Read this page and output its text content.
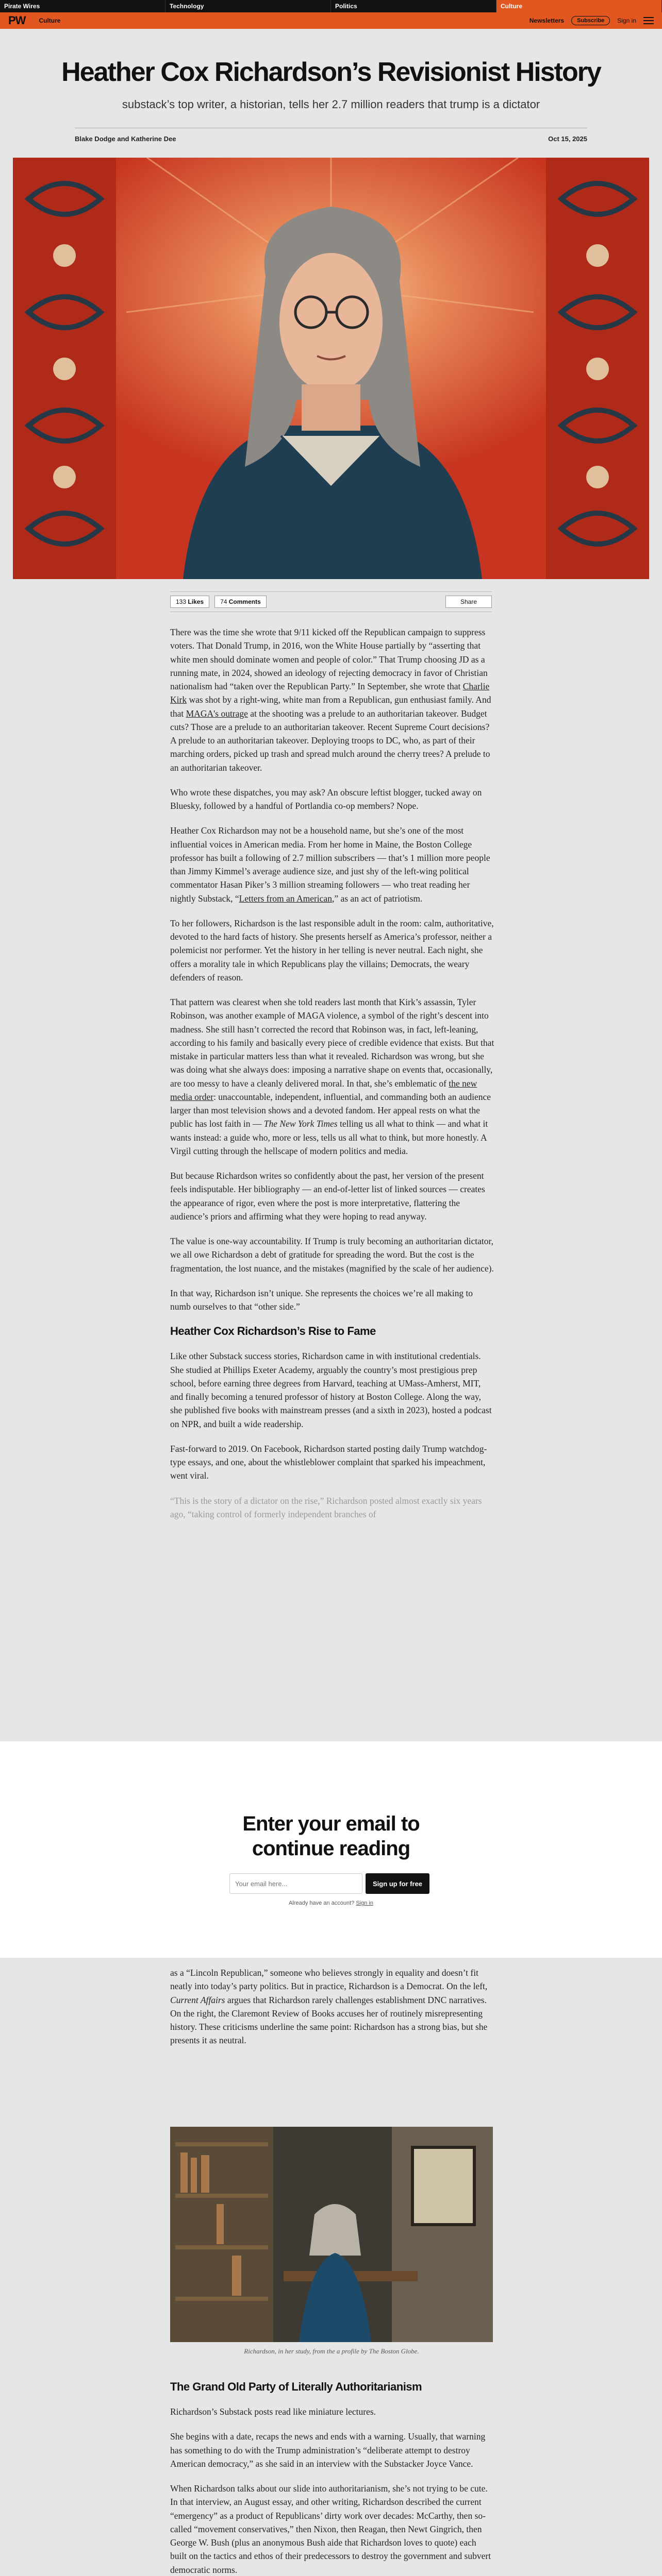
Pirate Wires	Technology	Politics	Culture
PW Culture	Newsletters	Subscribe	Sign in
Heather Cox Richardson’s Revisionist History
substack’s top writer, a historian, tells her 2.7 million readers that trump is a dictator
Blake Dodge and Katherine Dee	Oct 15, 2025
133 Likes	74 Comments	Share

There was the time she wrote that 9/11 kicked off the Republican campaign to suppress voters. That Donald Trump, in 2016, won the White House partially by “asserting that white men should dominate women and people of color.” That Trump choosing JD as a running mate, in 2024, showed an ideology of rejecting democracy in favor of Christian nationalism had “taken over the Republican Party.” In September, she wrote that Charlie Kirk was shot by a right-wing, white man from a Republican, gun enthusiast family. And that MAGA's outrage at the shooting was a prelude to an authoritarian takeover. Budget cuts? Those are a prelude to an authoritarian takeover. Recent Supreme Court decisions? A prelude to an authoritarian takeover. Deploying troops to DC, who, as part of their marching orders, picked up trash and spread mulch around the cherry trees? A prelude to an authoritarian takeover.

Who wrote these dispatches, you may ask? An obscure leftist blogger, tucked away on Bluesky, followed by a handful of Portlandia co-op members? Nope.

Heather Cox Richardson may not be a household name, but she’s one of the most influential voices in American media. From her home in Maine, the Boston College professor has built a following of 2.7 million subscribers — that’s 1 million more people than Jimmy Kimmel’s average audience size, and just shy of the left-wing political commentator Hasan Piker’s 3 million streaming followers — who treat reading her nightly Substack, “Letters from an American,” as an act of patriotism.

To her followers, Richardson is the last responsible adult in the room: calm, authoritative, devoted to the hard facts of history. She presents herself as America’s professor, neither a polemicist nor performer. Yet the history in her telling is never neutral. Each night, she offers a morality tale in which Republicans play the villains; Democrats, the weary defenders of reason.

That pattern was clearest when she told readers last month that Kirk’s assassin, Tyler Robinson, was another example of MAGA violence, a symbol of the right’s descent into madness. She still hasn’t corrected the record that Robinson was, in fact, left-leaning, according to his family and basically every piece of credible evidence that exists. But that mistake in particular matters less than what it revealed. Richardson was wrong, but she was doing what she always does: imposing a narrative shape on events that, occasionally, are too messy to have a cleanly delivered moral. In that, she’s emblematic of the new media order: unaccountable, independent, influential, and commanding both an audience larger than most television shows and a devoted fandom. Her appeal rests on what the public has lost faith in — The New York Times telling us all what to think — and what it wants instead: a guide who, more or less, tells us all what to think, but more honestly. A Virgil cutting through the hellscape of modern politics and media.

But because Richardson writes so confidently about the past, her version of the present feels indisputable. Her bibliography — an end-of-letter list of linked sources — creates the appearance of rigor, even where the post is more interpretative, flattering the audience’s priors and affirming what they were hoping to read anyway.

The value is one-way accountability. If Trump is truly becoming an authoritarian dictator, we all owe Richardson a debt of gratitude for spreading the word. But the cost is the fragmentation, the lost nuance, and the mistakes (magnified by the scale of her audience).

In that way, Richardson isn’t unique. She represents the choices we’re all making to numb ourselves to that “other side.”

Heather Cox Richardson’s Rise to Fame

Like other Substack success stories, Richardson came in with institutional credentials. She studied at Phillips Exeter Academy, arguably the country’s most prestigious prep school, before earning three degrees from Harvard, teaching at UMass-Amherst, MIT, and finally becoming a tenured professor of history at Boston College. Along the way, she published five books with mainstream presses (and a sixth in 2023), hosted a podcast on NPR, and built a wide readership.

Fast-forward to 2019. On Facebook, Richardson started posting daily Trump watchdog-type essays, and one, about the whistleblower complaint that sparked his impeachment, went viral.

“This is the story of a dictator on the rise,” Richardson posted almost exactly six years ago, “taking control of formerly independent branches of

Enter your email to
continue reading
Your email here...
Sign up for free
Already have an account? Sign in

as a “Lincoln Republican,” someone who believes strongly in equality and doesn’t fit neatly into today’s party politics. But in practice, Richardson is a Democrat. On the left, Current Affairs argues that Richardson rarely challenges establishment DNC narratives. On the right, the Claremont Review of Books accuses her of routinely misrepresenting history. These criticisms underline the same point: Richardson has a strong bias, but she presents it as neutral.

Richardson, in her study, from the a profile by The Boston Globe.
The Grand Old Party of Literally Authoritarianism

Richardson’s Substack posts read like miniature lectures.

She begins with a date, recaps the news and ends with a warning. Usually, that warning has something to do with the Trump administration’s “deliberate attempt to destroy American democracy,” as she said in an interview with the Substacker Joyce Vance.

When Richardson talks about our slide into authoritarianism, she’s not trying to be cute. In that interview, an August essay, and other writing, Richardson described the current “emergency” as a product of Republicans’ dirty work over decades: McCarthy, then so-called “movement conservatives,” then Nixon, then Reagan, then Newt Gingrich, then George W. Bush (plus an anonymous Bush aide that Richardson loves to quote) each built on the tactics and ethos of their predecessors to destroy the government and subvert democratic norms.
